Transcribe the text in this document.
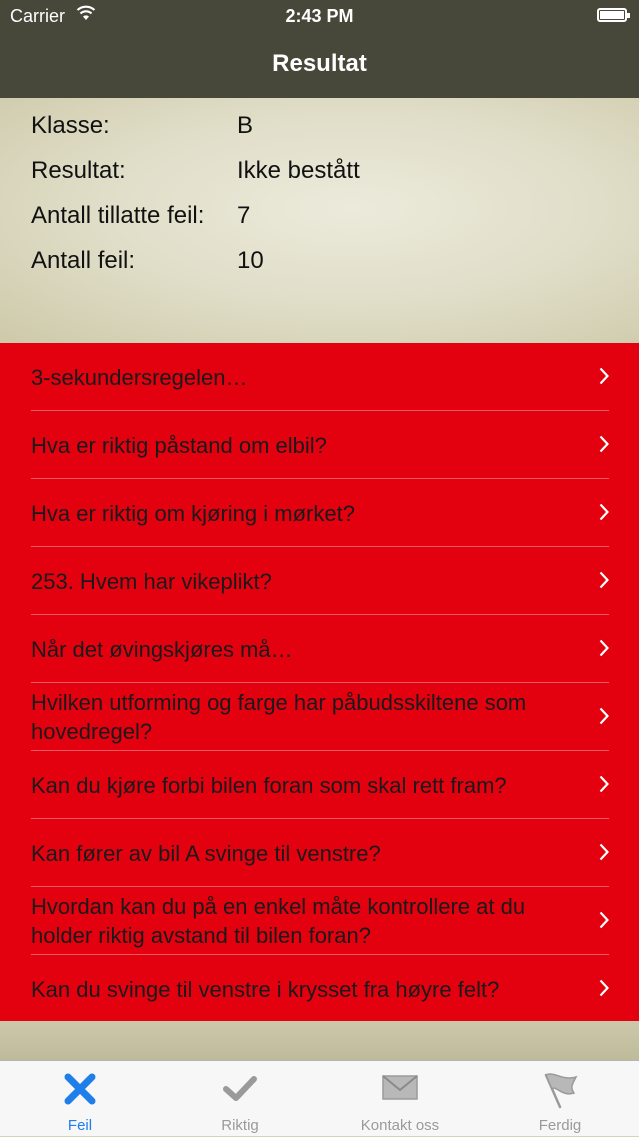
Carrier	2:43 PM
Resultat
Klasse:	B
Resultat:	Ikke bestått
Antall tillatte feil: 7
Antall feil:	10
3-sekundersregelen…
Hva er riktig påstand om elbil?
Hva er riktig om kjøring i mørket?
253. Hvem har vikeplikt?
Når det øvingskjøres må…
Hvilken utforming og farge har påbudsskiltene som hovedregel?
Kan du kjøre forbi bilen foran som skal rett fram?
Kan fører av bil A svinge til venstre?
Hvordan kan du på en enkel måte kontrollere at du holder riktig avstand til bilen foran?
Kan du svinge til venstre i krysset fra høyre felt?
Feil	Riktig	Kontakt oss	Ferdig
